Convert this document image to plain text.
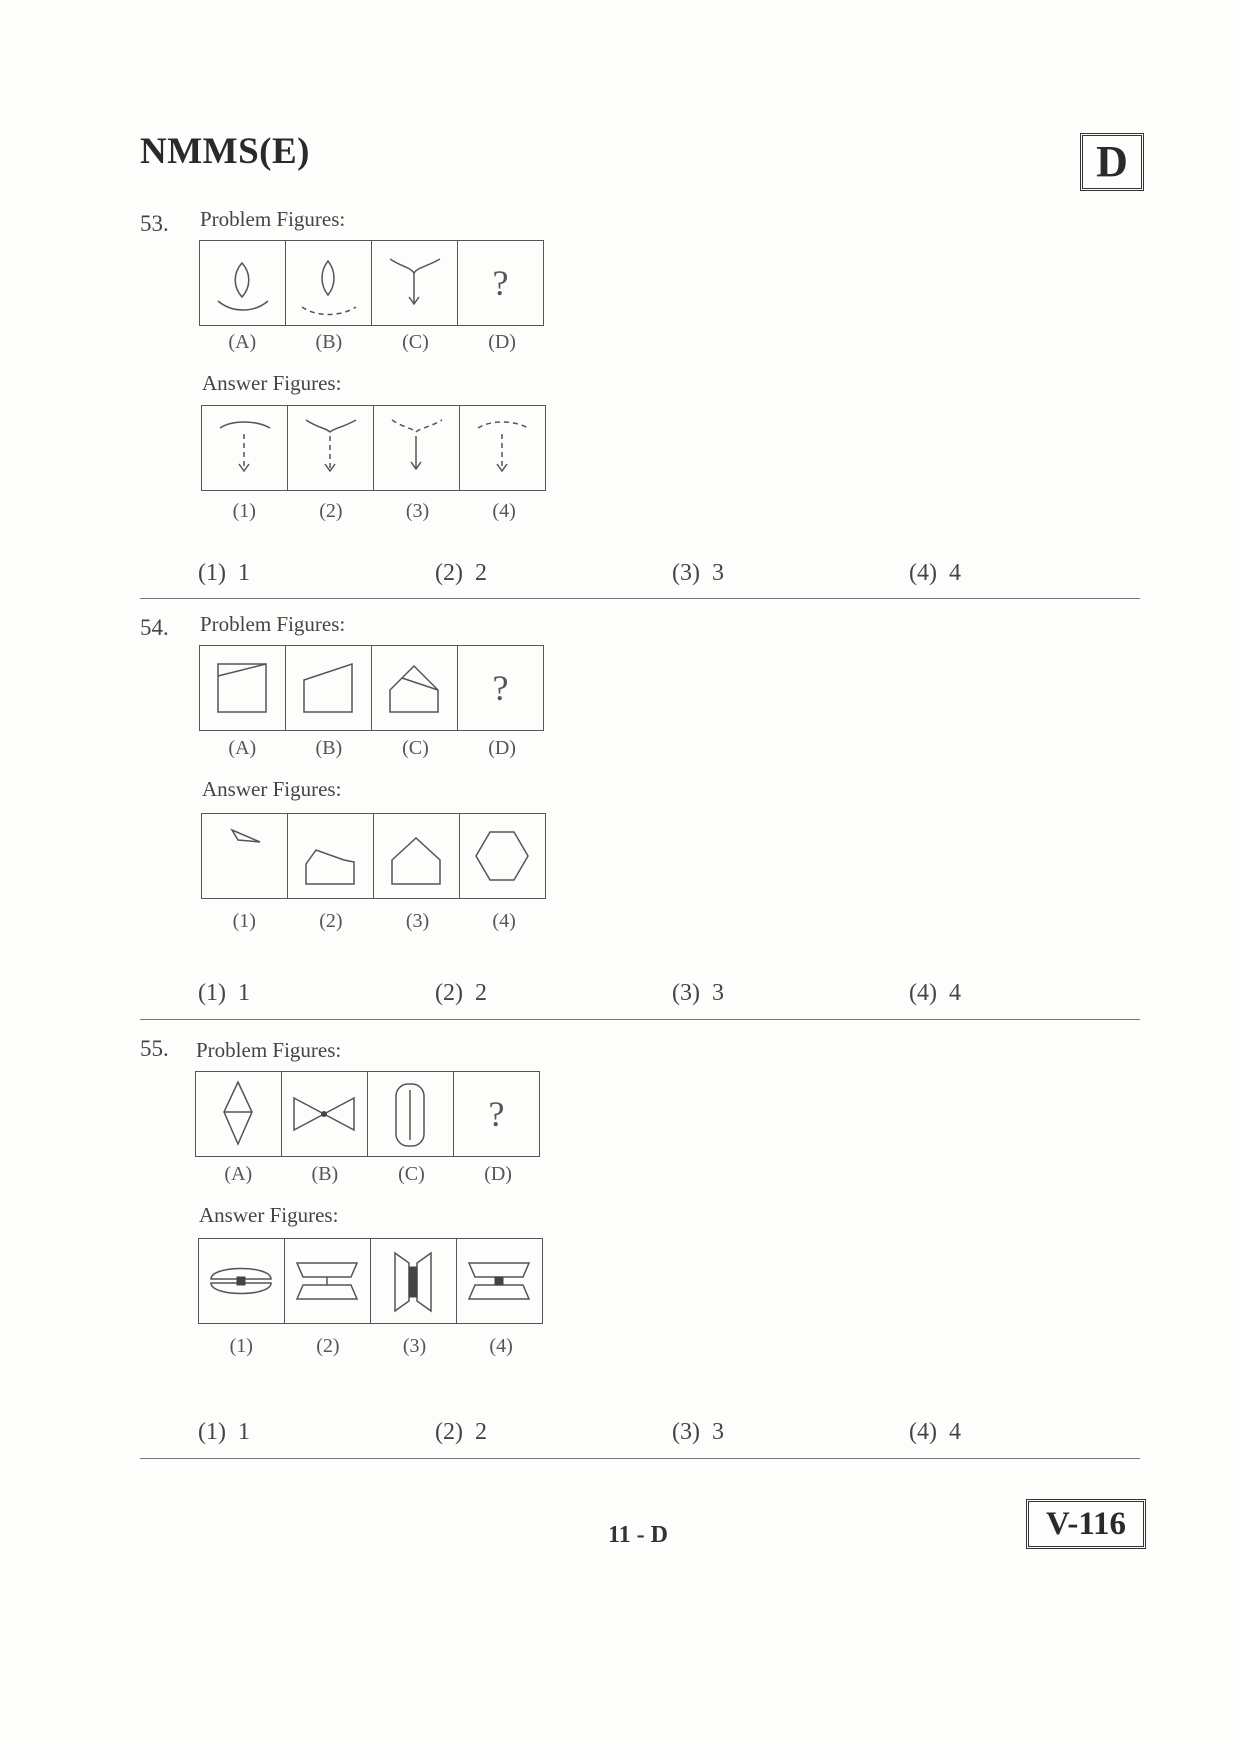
NMMS(E)	D
53. Problem Figures:
?
(A)	(B)	(C)	(D)
Answer Figures:
(1)	(2)	(3)	(4)
(1) 1	(2) 2	(3) 3	(4) 4
54. Problem Figures:
?
(A)	(B)	(C)	(D)
Answer Figures:
(1)	(2)	(3)	(4)
(1) 1	(2) 2	(3) 3	(4) 4
55. Problem Figures:
?
(A)	(B)	(C)	(D)
Answer Figures:
(1)	(2)	(3)	(4)
(1) 1	(2) 2	(3) 3	(4) 4
11 - D	V-116
